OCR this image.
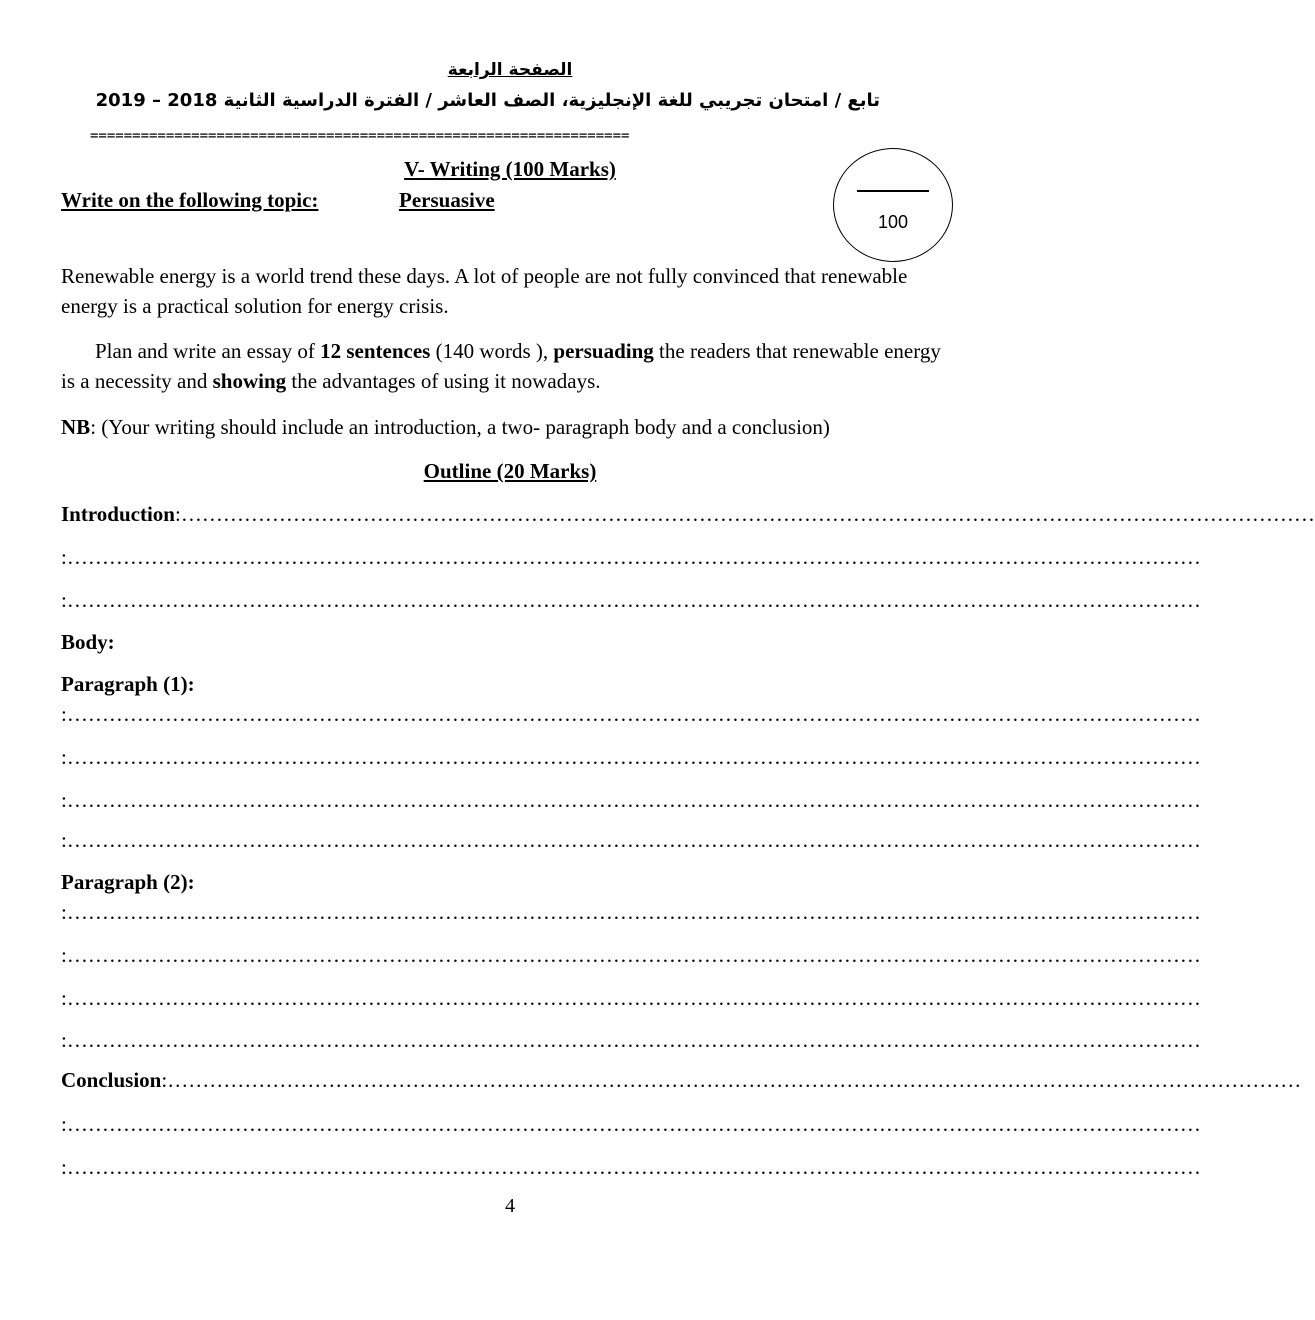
الصفحة الرابعة
تابع / امتحان تجريبي للغة الإنجليزية، الصف العاشر / الفترة الدراسية الثانية 2018 – 2019
================================================================
100
V- Writing (100 Marks)
Write on the following topic:	Persuasive
Renewable energy is a world trend these days. A lot of people are not fully convinced that renewable energy is a practical solution for energy crisis.
Plan and write an essay of 12 sentences (140 words ), persuading the readers that renewable energy is a necessity and showing the advantages of using it nowadays.
NB: (Your writing should include an introduction, a two- paragraph body and a conclusion)
Outline (20 Marks)
Introduction:………………………………………………………………………………………………………………………………………………
:………………………………………………………………………………………………………………………………………………
:………………………………………………………………………………………………………………………………………………
Body:
Paragraph (1):
:………………………………………………………………………………………………………………………………………………
:………………………………………………………………………………………………………………………………………………
:………………………………………………………………………………………………………………………………………………
:………………………………………………………………………………………………………………………………………………
Paragraph (2):
:………………………………………………………………………………………………………………………………………………
:………………………………………………………………………………………………………………………………………………
:………………………………………………………………………………………………………………………………………………
:………………………………………………………………………………………………………………………………………………
Conclusion:………………………………………………………………………………………………………………………………………………
:………………………………………………………………………………………………………………………………………………
:………………………………………………………………………………………………………………………………………………
4
